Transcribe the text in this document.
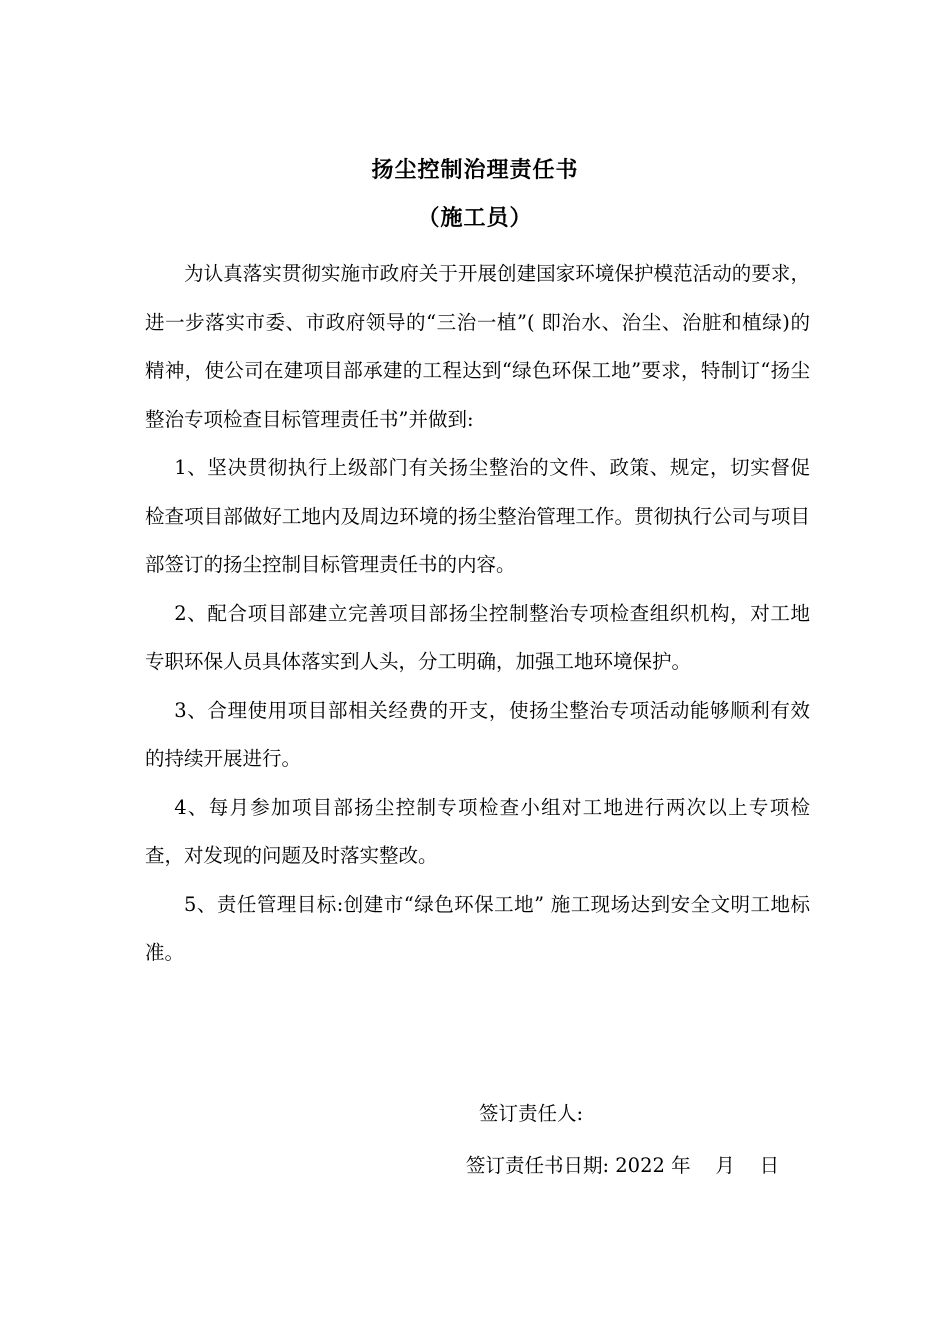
扬尘控制治理责任书
（施工员）

为认真落实贯彻实施市政府关于开展创建国家环境保护模范活动的要求，进一步落实市委、市政府领导的“三治一植”( 即治水、治尘、治脏和植绿)的精神，使公司在建项目部承建的工程达到“绿色环保工地”要求，特制订“扬尘整治专项检查目标管理责任书”并做到:

1、坚决贯彻执行上级部门有关扬尘整治的文件、政策、规定，切实督促检查项目部做好工地内及周边环境的扬尘整治管理工作。贯彻执行公司与项目部签订的扬尘控制目标管理责任书的内容。

2、配合项目部建立完善项目部扬尘控制整治专项检查组织机构，对工地专职环保人员具体落实到人头，分工明确，加强工地环境保护。

3、合理使用项目部相关经费的开支，使扬尘整治专项活动能够顺利有效的持续开展进行。

4、每月参加项目部扬尘控制专项检查小组对工地进行两次以上专项检查，对发现的问题及时落实整改。

5、责任管理目标:创建市“绿色环保工地” 施工现场达到安全文明工地标准。

签订责任人:
签订责任书日期: 2022 年    月    日
